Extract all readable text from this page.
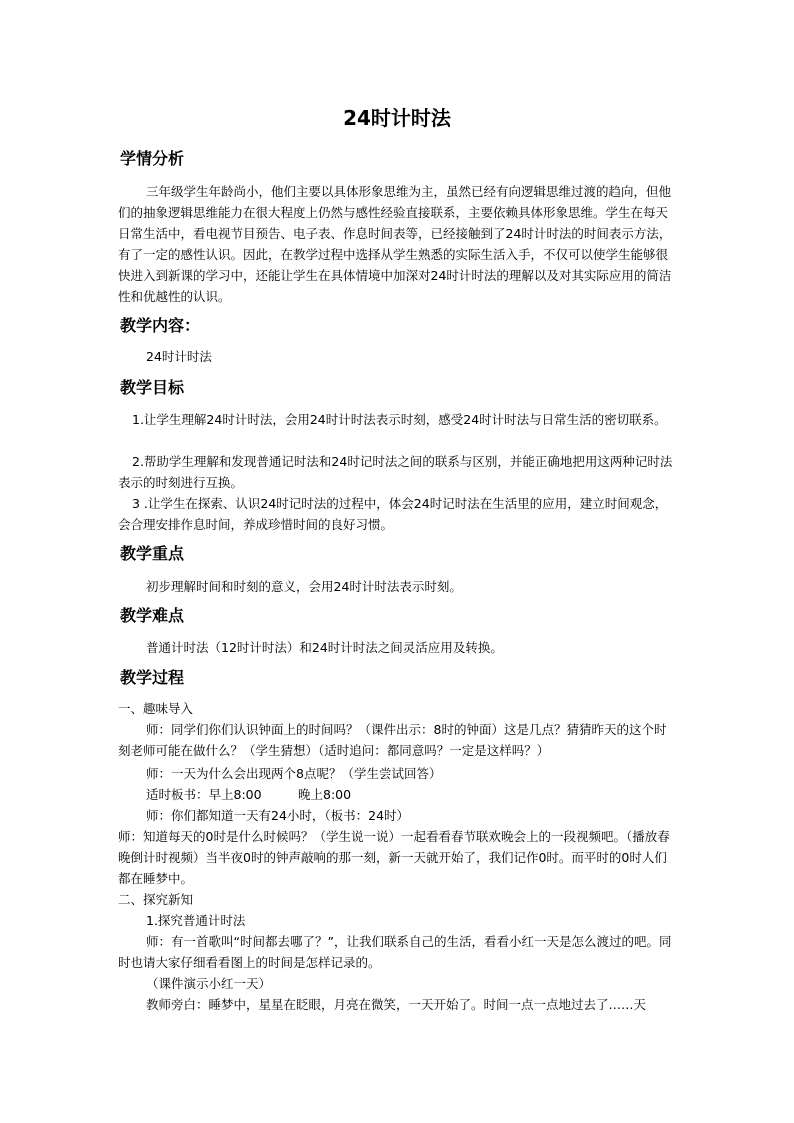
24时计时法
学情分析
三年级学生年龄尚小，他们主要以具体形象思维为主，虽然已经有向逻辑思维过渡的趋向，但他们的抽象逻辑思维能力在很大程度上仍然与感性经验直接联系，主要依赖具体形象思维。学生在每天日常生活中，看电视节目预告、电子表、作息时间表等，已经接触到了24时计时法的时间表示方法，有了一定的感性认识。因此，在教学过程中选择从学生熟悉的实际生活入手，不仅可以使学生能够很快进入到新课的学习中，还能让学生在具体情境中加深对24时计时法的理解以及对其实际应用的简洁性和优越性的认识。
教学内容：
24时计时法
教学目标
1.让学生理解24时计时法，会用24时计时法表示时刻，感受24时计时法与日常生活的密切联系。
2.帮助学生理解和发现普通记时法和24时记时法之间的联系与区别，并能正确地把用这两种记时法表示的时刻进行互换。
3 .让学生在探索、认识24时记时法的过程中，体会24时记时法在生活里的应用，建立时间观念，会合理安排作息时间，养成珍惜时间的良好习惯。
教学重点
初步理解时间和时刻的意义，会用24时计时法表示时刻。
教学难点
普通计时法（12时计时法）和24时计时法之间灵活应用及转换。
教学过程
一、趣味导入
师：同学们你们认识钟面上的时间吗？（课件出示：8时的钟面）这是几点？猜猜昨天的这个时刻老师可能在做什么？（学生猜想）（适时追问：都同意吗？一定是这样吗？）
师：一天为什么会出现两个8点呢？（学生尝试回答）
适时板书：早上8:00	晚上8:00
师：你们都知道一天有24小时，（板书：24时）
师：知道每天的0时是什么时候吗？（学生说一说）一起看看春节联欢晚会上的一段视频吧。（播放春晚倒计时视频）当半夜0时的钟声敲响的那一刻，新一天就开始了，我们记作0时。而平时的0时人们都在睡梦中。
二、探究新知
1.探究普通计时法
师：有一首歌叫“时间都去哪了？”，让我们联系自己的生活，看看小红一天是怎么渡过的吧。同时也请大家仔细看看图上的时间是怎样记录的。
（课件演示小红一天）
教师旁白：睡梦中，星星在眨眼，月亮在微笑，一天开始了。时间一点一点地过去了……天
